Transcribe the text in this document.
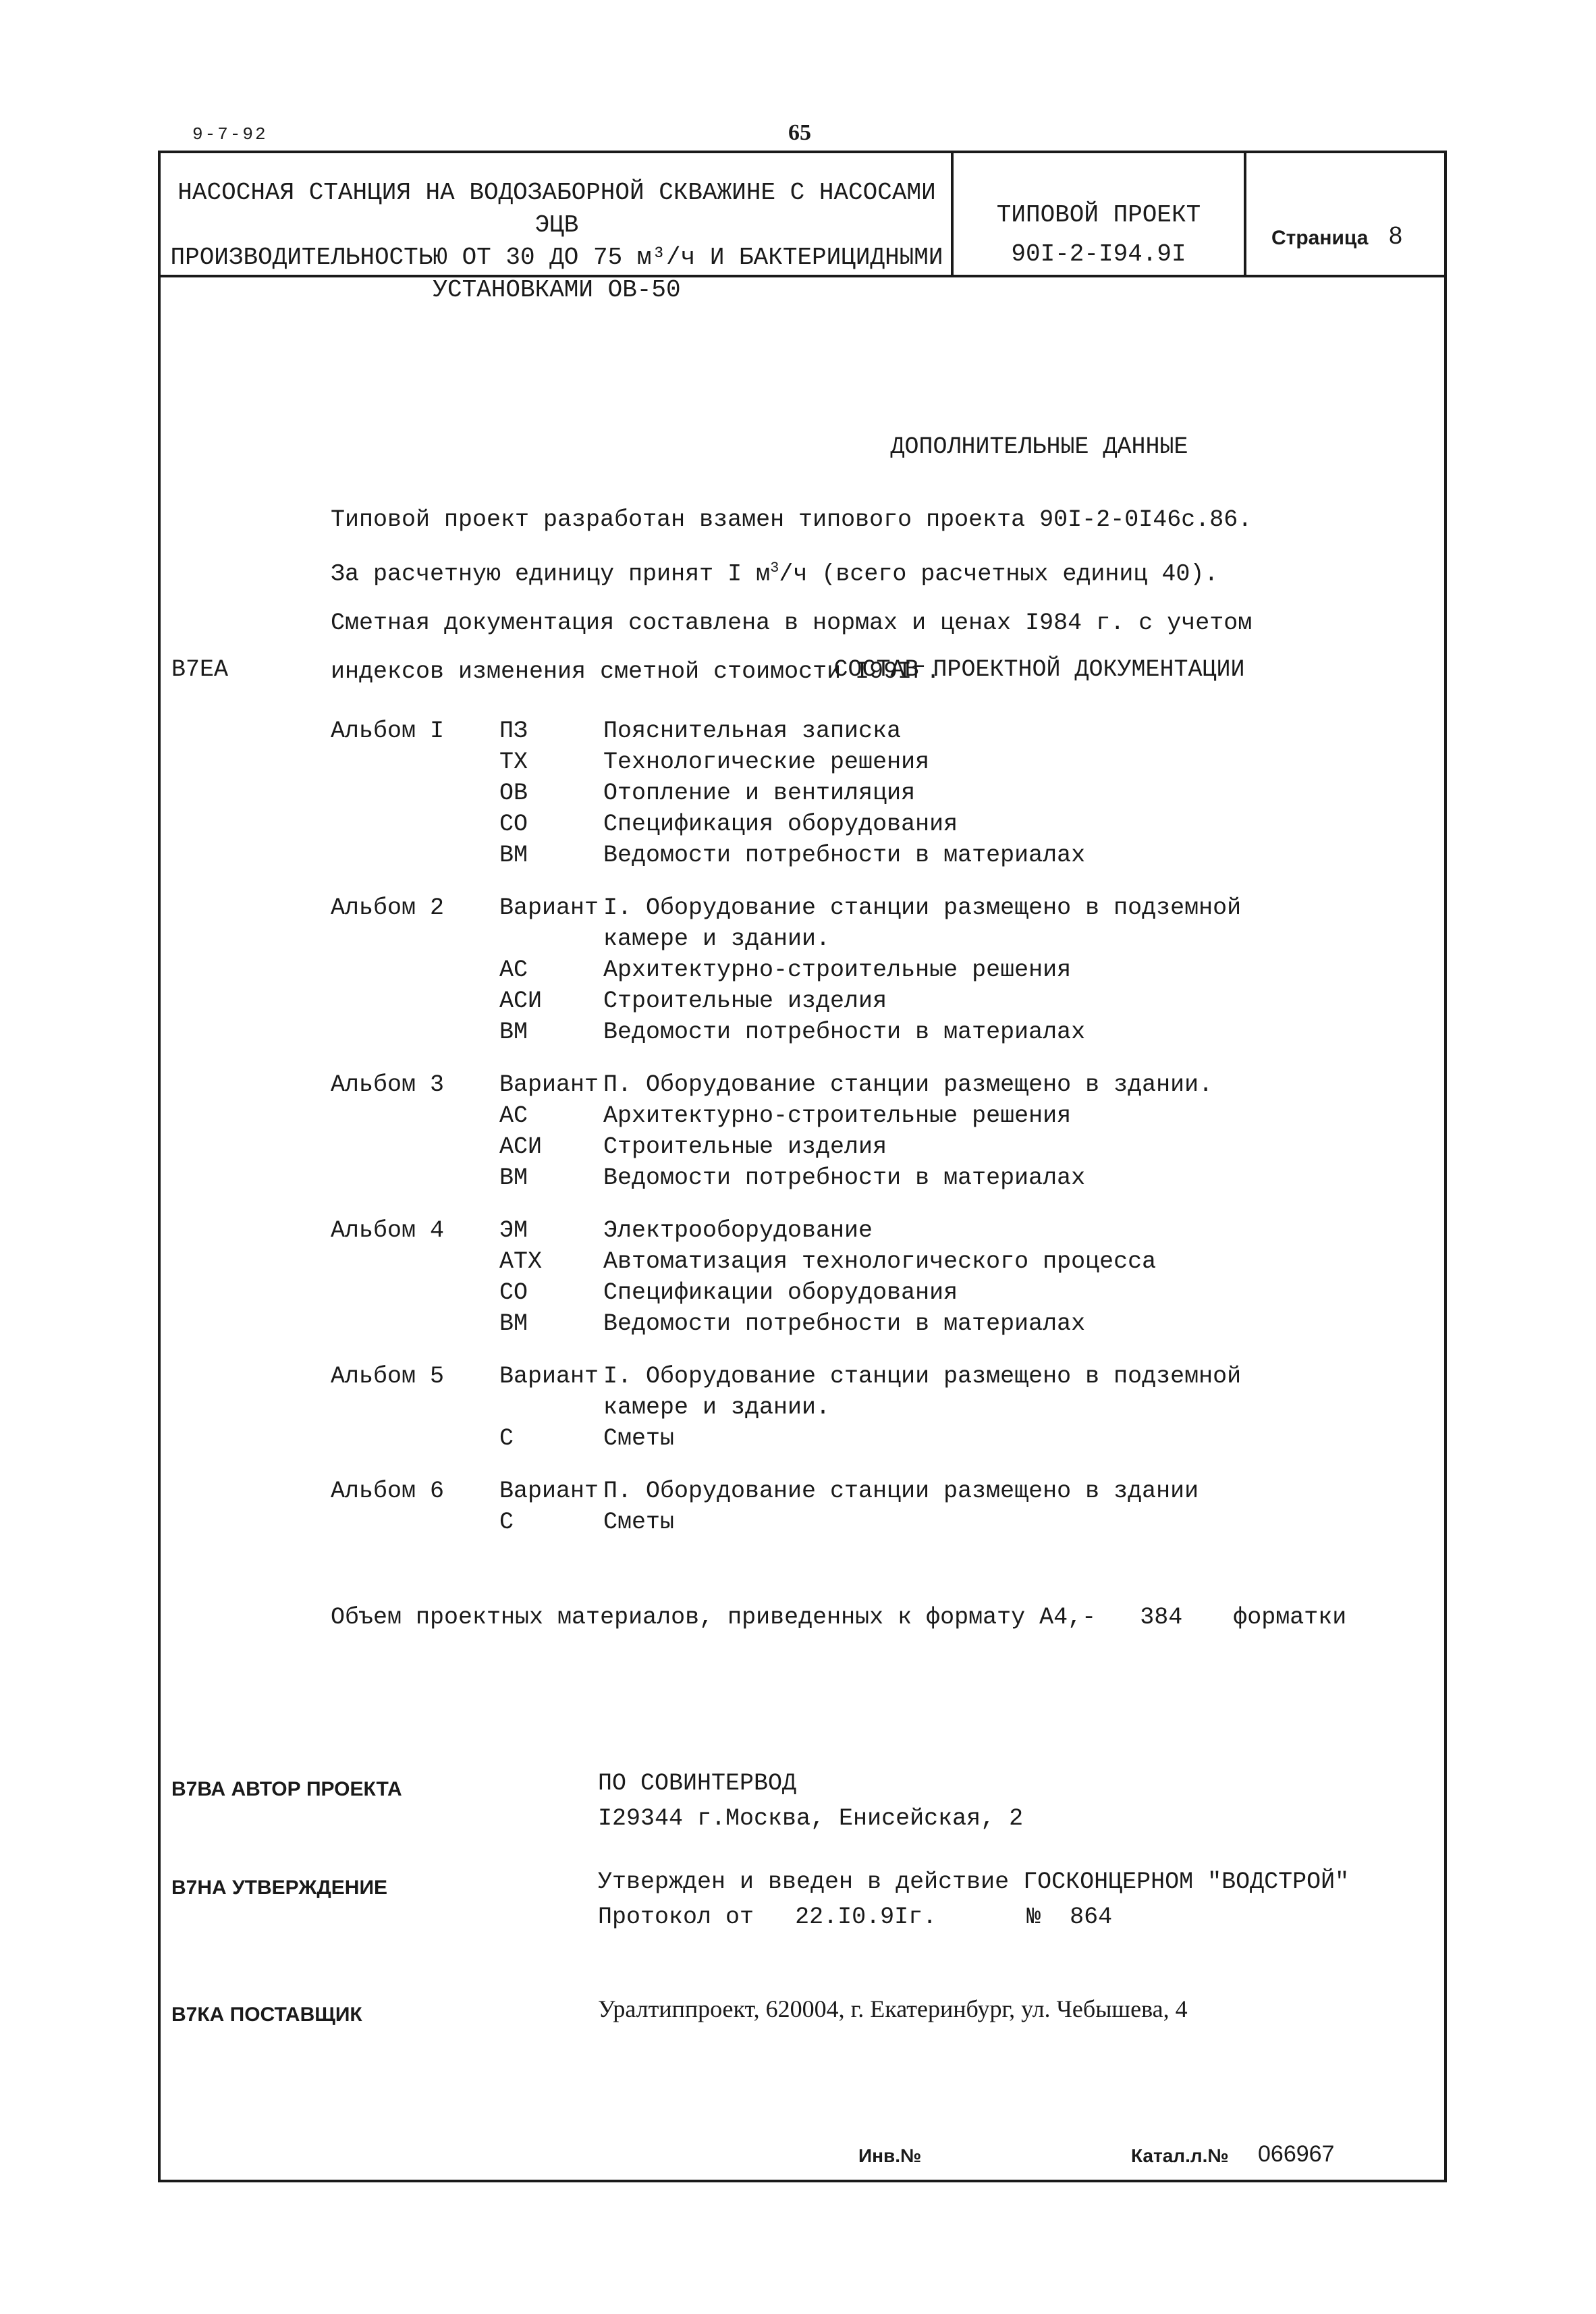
9-7-92	65
НАСОСНАЯ СТАНЦИЯ НА ВОДОЗАБОРНОЙ СКВАЖИНЕ С НАСОСАМИ ЭЦВ
ПРОИЗВОДИТЕЛЬНОСТЬЮ ОТ 30 ДО 75 м³/ч И БАКТЕРИЦИДНЫМИ
УСТАНОВКАМИ ОВ-50
ТИПОВОЙ ПРОЕКТ
90I-2-I94.9I
Страница 8
ДОПОЛНИТЕЛЬНЫЕ ДАННЫЕ
Типовой проект разработан взамен типового проекта 90I-2-0I46с.86.
За расчетную единицу принят I $м^3/ч$ (всего расчетных единиц 40).
Сметная документация составлена в нормах и ценах I984 г. с учетом
индексов изменения сметной стоимости I99Iг.
В7ЕА	СОСТАВ ПРОЕКТНОЙ ДОКУМЕНТАЦИИ
Альбом I	ПЗ	Пояснительная записка
ТХ	Технологические решения
ОВ	Отопление и вентиляция
СО	Спецификация оборудования
ВМ	Ведомости потребности в материалах
Альбом 2	Вариант I. Оборудование станции размещено в подземной
камере и здании.
АС	Архитектурно-строительные решения
АСИ	Строительные изделия
ВМ	Ведомости потребности в материалах
Альбом 3	Вариант П. Оборудование станции размещено в здании.
АС	Архитектурно-строительные решения
АСИ	Строительные изделия
ВМ	Ведомости потребности в материалах
Альбом 4	ЭМ	Электрооборудование
АТХ	Автоматизация технологического процесса
СО	Спецификации оборудования
ВМ	Ведомости потребности в материалах
Альбом 5	Вариант I. Оборудование станции размещено в подземной
камере и здании.
С	Сметы
Альбом 6	Вариант П. Оборудование станции размещено в здании
С	Сметы
Объем проектных материалов, приведенных к формату А4,- 384 форматки
В7ВА АВТОР ПРОЕКТА	ПО СОВИНТЕРВОД
I29344 г.Москва, Енисейская, 2
В7НА УТВЕРЖДЕНИЕ	Утвержден и введен в действие ГОСКОНЦЕРНОМ "ВОДСТРОЙ"
Протокол от 22.I0.9Iг.	№ 864
В7КА ПОСТАВЩИК	Уралтиппроект, 620004, г. Екатеринбург, ул. Чебышева, 4
Инв.№	Катал.л.№ 066967
